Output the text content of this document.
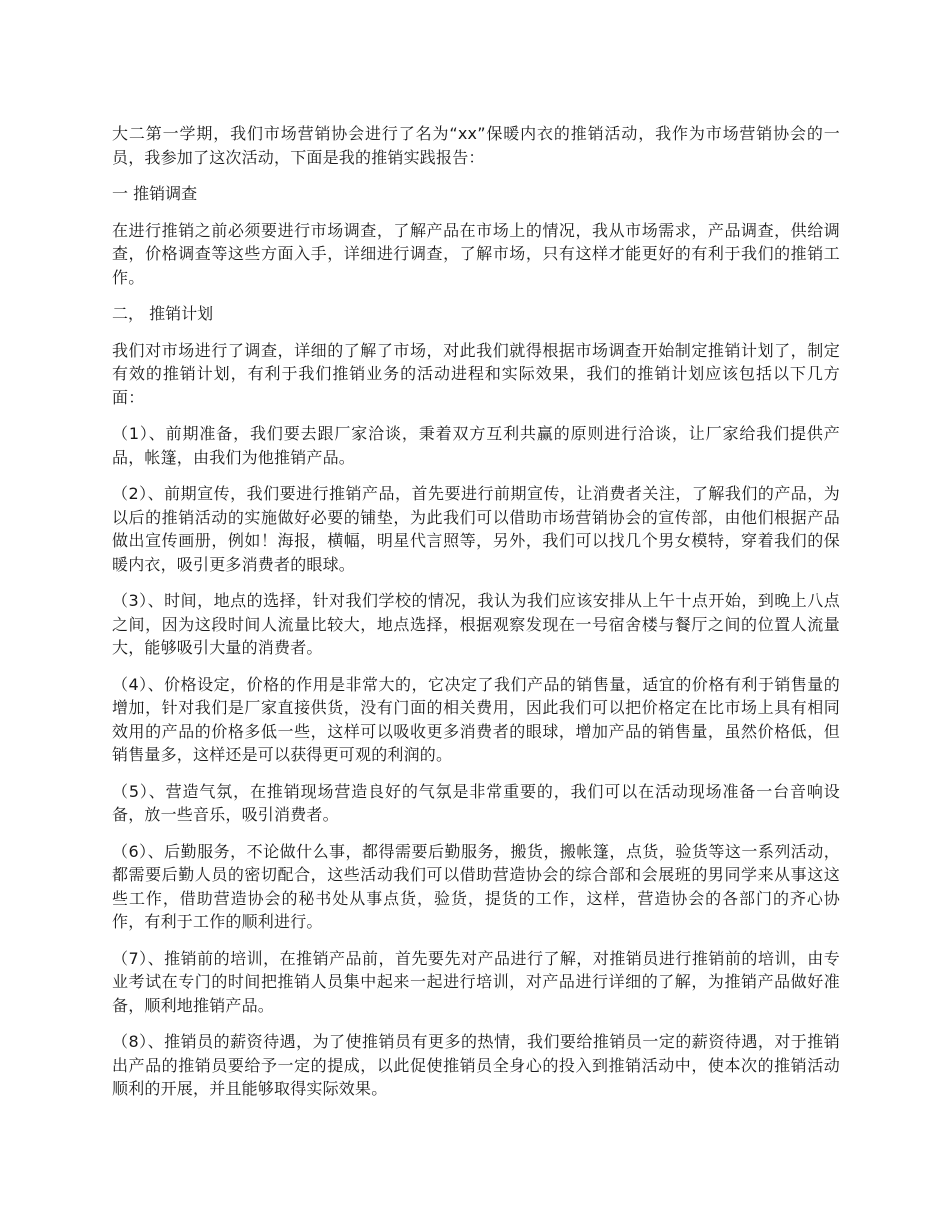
大二第一学期，我们市场营销协会进行了名为“xx”保暖内衣的推销活动，我作为市场营销协会的一员，我参加了这次活动，下面是我的推销实践报告：

一 推销调查

在进行推销之前必须要进行市场调查，了解产品在市场上的情况，我从市场需求，产品调查，供给调查，价格调查等这些方面入手，详细进行调查，了解市场，只有这样才能更好的有利于我们的推销工作。

二， 推销计划

我们对市场进行了调查，详细的了解了市场，对此我们就得根据市场调查开始制定推销计划了，制定有效的推销计划，有利于我们推销业务的活动进程和实际效果，我们的推销计划应该包括以下几方面：

（1）、前期准备，我们要去跟厂家洽谈，秉着双方互利共赢的原则进行洽谈，让厂家给我们提供产品，帐篷，由我们为他推销产品。

（2）、前期宣传，我们要进行推销产品，首先要进行前期宣传，让消费者关注，了解我们的产品，为以后的推销活动的实施做好必要的铺垫，为此我们可以借助市场营销协会的宣传部，由他们根据产品做出宣传画册，例如！海报，横幅，明星代言照等，另外，我们可以找几个男女模特，穿着我们的保暖内衣，吸引更多消费者的眼球。

（3）、时间，地点的选择，针对我们学校的情况，我认为我们应该安排从上午十点开始，到晚上八点之间，因为这段时间人流量比较大，地点选择，根据观察发现在一号宿舍楼与餐厅之间的位置人流量大，能够吸引大量的消费者。

（4）、价格设定，价格的作用是非常大的，它决定了我们产品的销售量，适宜的价格有利于销售量的增加，针对我们是厂家直接供货，没有门面的相关费用，因此我们可以把价格定在比市场上具有相同效用的产品的价格多低一些，这样可以吸收更多消费者的眼球，增加产品的销售量，虽然价格低，但销售量多，这样还是可以获得更可观的利润的。

（5）、营造气氛，在推销现场营造良好的气氛是非常重要的，我们可以在活动现场准备一台音响设备，放一些音乐，吸引消费者。

（6）、后勤服务，不论做什么事，都得需要后勤服务，搬货，搬帐篷，点货，验货等这一系列活动，都需要后勤人员的密切配合，这些活动我们可以借助营造协会的综合部和会展班的男同学来从事这这些工作，借助营造协会的秘书处从事点货，验货，提货的工作，这样，营造协会的各部门的齐心协作，有利于工作的顺利进行。

（7）、推销前的培训，在推销产品前，首先要先对产品进行了解，对推销员进行推销前的培训，由专业考试在专门的时间把推销人员集中起来一起进行培训，对产品进行详细的了解，为推销产品做好准备，顺利地推销产品。

（8）、推销员的薪资待遇，为了使推销员有更多的热情，我们要给推销员一定的薪资待遇，对于推销出产品的推销员要给予一定的提成，以此促使推销员全身心的投入到推销活动中，使本次的推销活动顺利的开展，并且能够取得实际效果。
